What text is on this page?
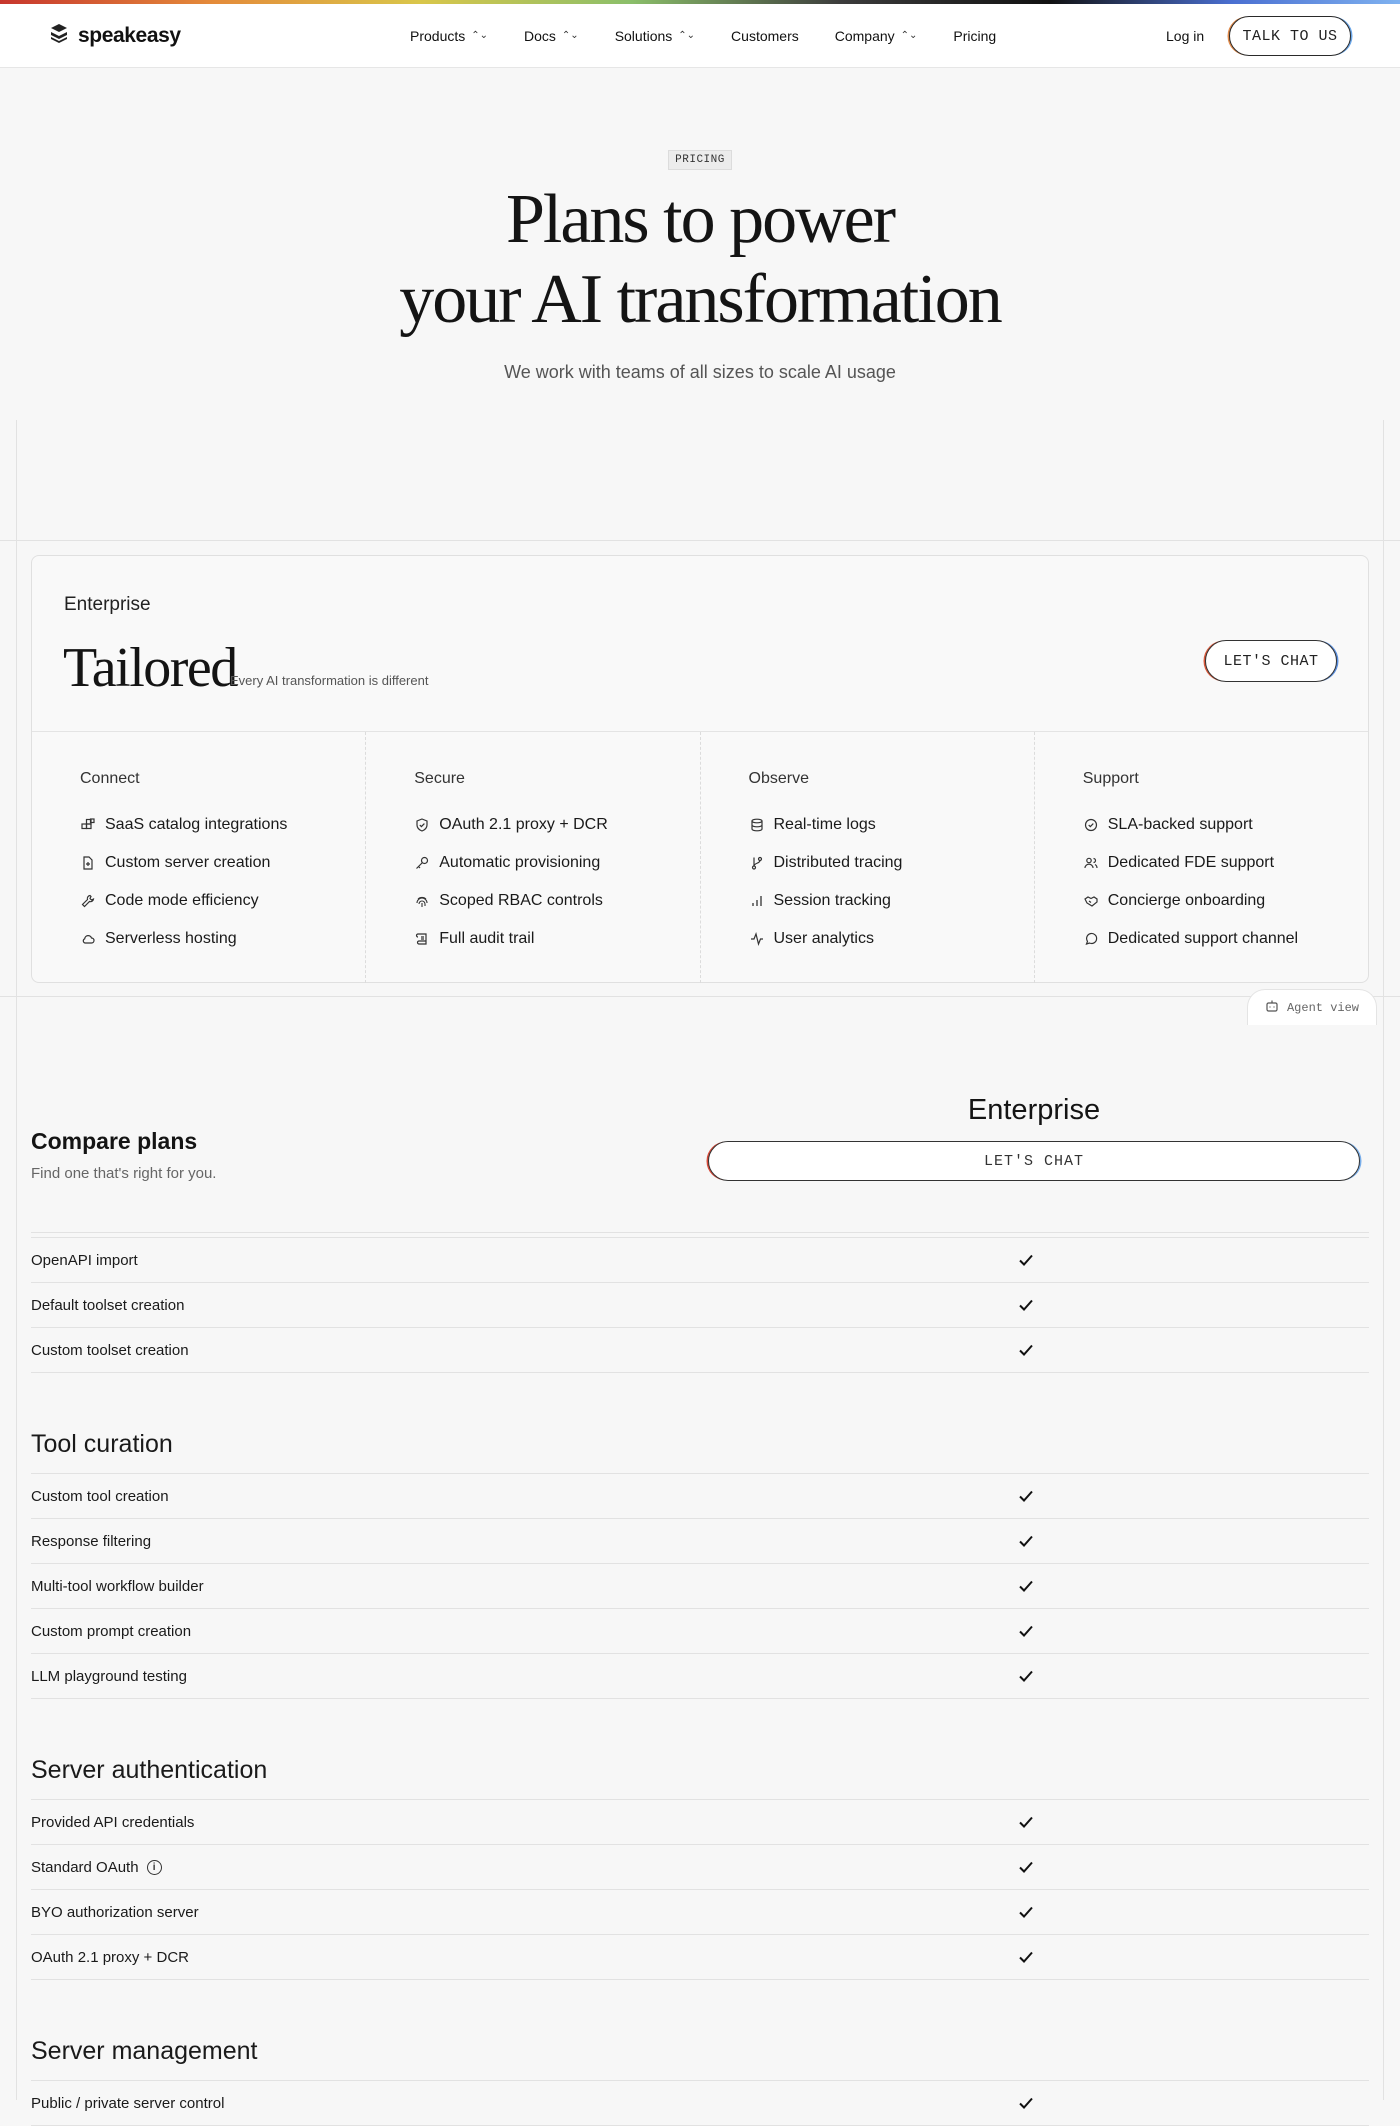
speakeasy	Products ⌃⌄	Docs ⌃⌄	Solutions ⌃⌄	Customers	Company ⌃⌄	Pricing	Log in	TALK TO US
PRICING
Plans to power
your AI transformation

We work with teams of all sizes to scale AI usage

Enterprise
Tailored
Every AI transformation is different
LET'S CHAT
Connect
SaaS catalog integrations
Custom server creation
Code mode efficiency
Serverless hosting
Secure
OAuth 2.1 proxy + DCR
Automatic provisioning
Scoped RBAC controls
Full audit trail
Observe
Real-time logs
Distributed tracing
Session tracking
User analytics
Support
SLA-backed support
Dedicated FDE support
Concierge onboarding
Dedicated support channel
Agent view
Compare plans

Find one that's right for you.

Enterprise
LET'S CHAT
OpenAPI import
Default toolset creation
Custom toolset creation
Tool curation
Custom tool creation
Response filtering
Multi-tool workflow builder
Custom prompt creation
LLM playground testing
Server authentication
Provided API credentials
Standard OAuth	i
BYO authorization server
OAuth 2.1 proxy + DCR
Server management
Public / private server control
